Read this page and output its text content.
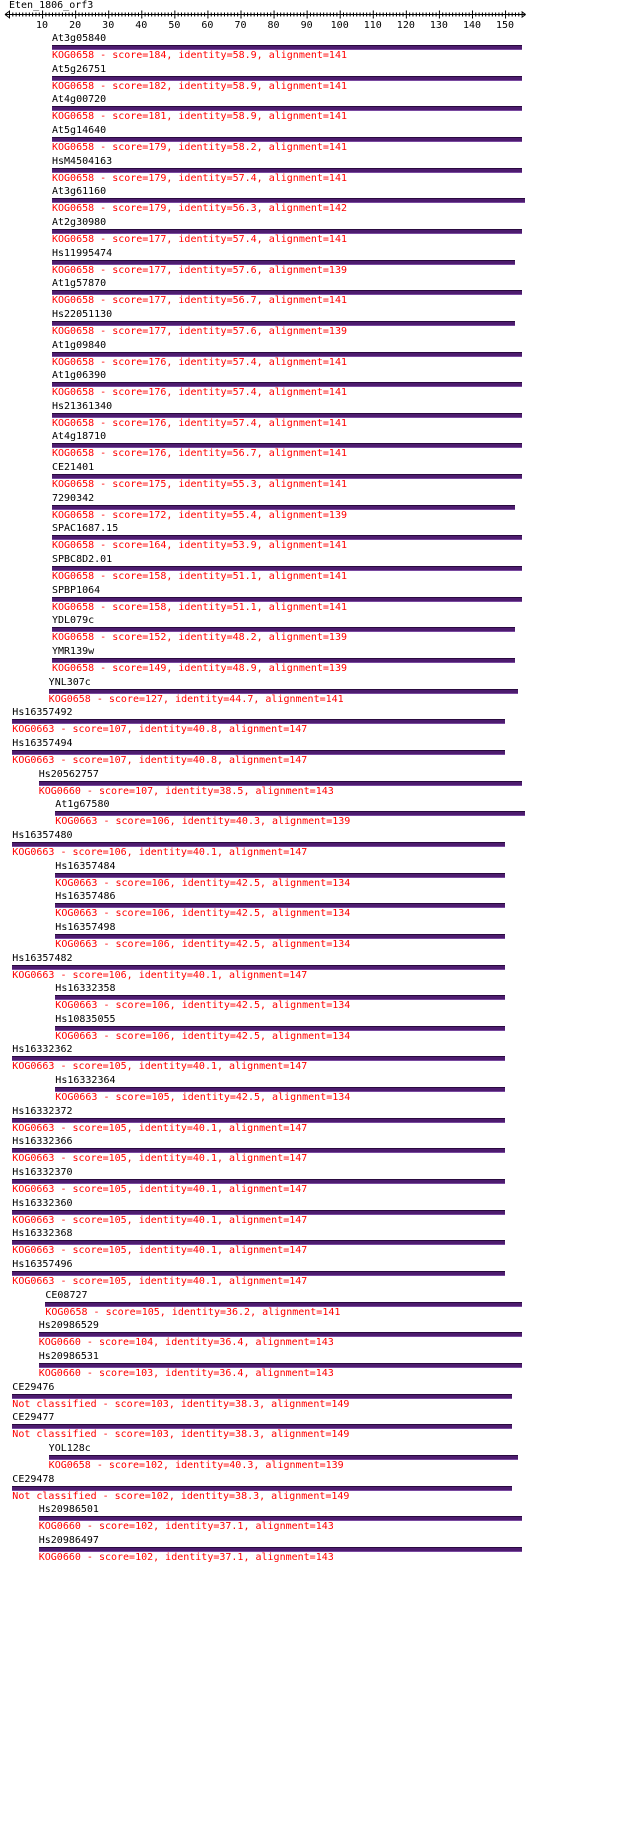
Eten_1806_orf3
10 20 30 40 50 60 70 80 90 100 110 120 130 140 150
At3g05840
KOG0658 - score=184, identity=58.9, alignment=141
At5g26751
KOG0658 - score=182, identity=58.9, alignment=141
At4g00720
KOG0658 - score=181, identity=58.9, alignment=141
At5g14640
KOG0658 - score=179, identity=58.2, alignment=141
HsM4504163
KOG0658 - score=179, identity=57.4, alignment=141
At3g61160
KOG0658 - score=179, identity=56.3, alignment=142
At2g30980
KOG0658 - score=177, identity=57.4, alignment=141
Hs11995474
KOG0658 - score=177, identity=57.6, alignment=139
At1g57870
KOG0658 - score=177, identity=56.7, alignment=141
Hs22051130
KOG0658 - score=177, identity=57.6, alignment=139
At1g09840
KOG0658 - score=176, identity=57.4, alignment=141
At1g06390
KOG0658 - score=176, identity=57.4, alignment=141
Hs21361340
KOG0658 - score=176, identity=57.4, alignment=141
At4g18710
KOG0658 - score=176, identity=56.7, alignment=141
CE21401
KOG0658 - score=175, identity=55.3, alignment=141
7290342
KOG0658 - score=172, identity=55.4, alignment=139
SPAC1687.15
KOG0658 - score=164, identity=53.9, alignment=141
SPBC8D2.01
KOG0658 - score=158, identity=51.1, alignment=141
SPBP1064
KOG0658 - score=158, identity=51.1, alignment=141
YDL079c
KOG0658 - score=152, identity=48.2, alignment=139
YMR139w
KOG0658 - score=149, identity=48.9, alignment=139
YNL307c
KOG0658 - score=127, identity=44.7, alignment=141
Hs16357492
KOG0663 - score=107, identity=40.8, alignment=147
Hs16357494
KOG0663 - score=107, identity=40.8, alignment=147
Hs20562757
KOG0660 - score=107, identity=38.5, alignment=143
At1g67580
KOG0663 - score=106, identity=40.3, alignment=139
Hs16357480
KOG0663 - score=106, identity=40.1, alignment=147
Hs16357484
KOG0663 - score=106, identity=42.5, alignment=134
Hs16357486
KOG0663 - score=106, identity=42.5, alignment=134
Hs16357498
KOG0663 - score=106, identity=42.5, alignment=134
Hs16357482
KOG0663 - score=106, identity=40.1, alignment=147
Hs16332358
KOG0663 - score=106, identity=42.5, alignment=134
Hs10835055
KOG0663 - score=106, identity=42.5, alignment=134
Hs16332362
KOG0663 - score=105, identity=40.1, alignment=147
Hs16332364
KOG0663 - score=105, identity=42.5, alignment=134
Hs16332372
KOG0663 - score=105, identity=40.1, alignment=147
Hs16332366
KOG0663 - score=105, identity=40.1, alignment=147
Hs16332370
KOG0663 - score=105, identity=40.1, alignment=147
Hs16332360
KOG0663 - score=105, identity=40.1, alignment=147
Hs16332368
KOG0663 - score=105, identity=40.1, alignment=147
Hs16357496
KOG0663 - score=105, identity=40.1, alignment=147
CE08727
KOG0658 - score=105, identity=36.2, alignment=141
Hs20986529
KOG0660 - score=104, identity=36.4, alignment=143
Hs20986531
KOG0660 - score=103, identity=36.4, alignment=143
CE29476
Not classified - score=103, identity=38.3, alignment=149
CE29477
Not classified - score=103, identity=38.3, alignment=149
YOL128c
KOG0658 - score=102, identity=40.3, alignment=139
CE29478
Not classified - score=102, identity=38.3, alignment=149
Hs20986501
KOG0660 - score=102, identity=37.1, alignment=143
Hs20986497
KOG0660 - score=102, identity=37.1, alignment=143
